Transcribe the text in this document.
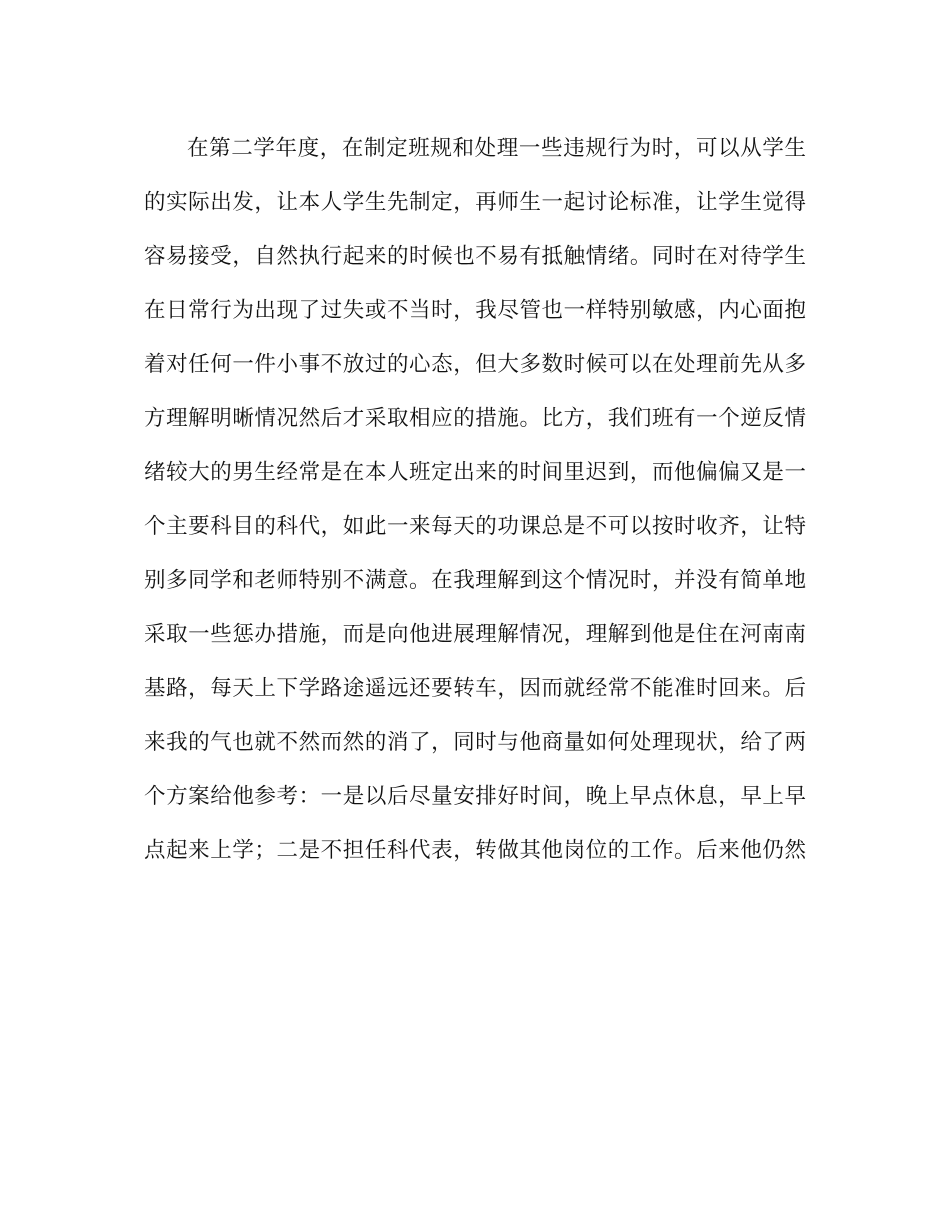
在第二学年度，在制定班规和处理一些违规行为时，可以从学生
的实际出发，让本人学生先制定，再师生一起讨论标准，让学生觉得
容易接受，自然执行起来的时候也不易有抵触情绪。同时在对待学生
在日常行为出现了过失或不当时，我尽管也一样特别敏感，内心面抱
着对任何一件小事不放过的心态，但大多数时候可以在处理前先从多
方理解明晰情况然后才采取相应的措施。比方，我们班有一个逆反情
绪较大的男生经常是在本人班定出来的时间里迟到，而他偏偏又是一
个主要科目的科代，如此一来每天的功课总是不可以按时收齐，让特
别多同学和老师特别不满意。在我理解到这个情况时，并没有简单地
采取一些惩办措施，而是向他进展理解情况，理解到他是住在河南南
基路，每天上下学路途遥远还要转车，因而就经常不能准时回来。后
来我的气也就不然而然的消了，同时与他商量如何处理现状，给了两
个方案给他参考：一是以后尽量安排好时间，晚上早点休息，早上早
点起来上学；二是不担任科代表，转做其他岗位的工作。后来他仍然
